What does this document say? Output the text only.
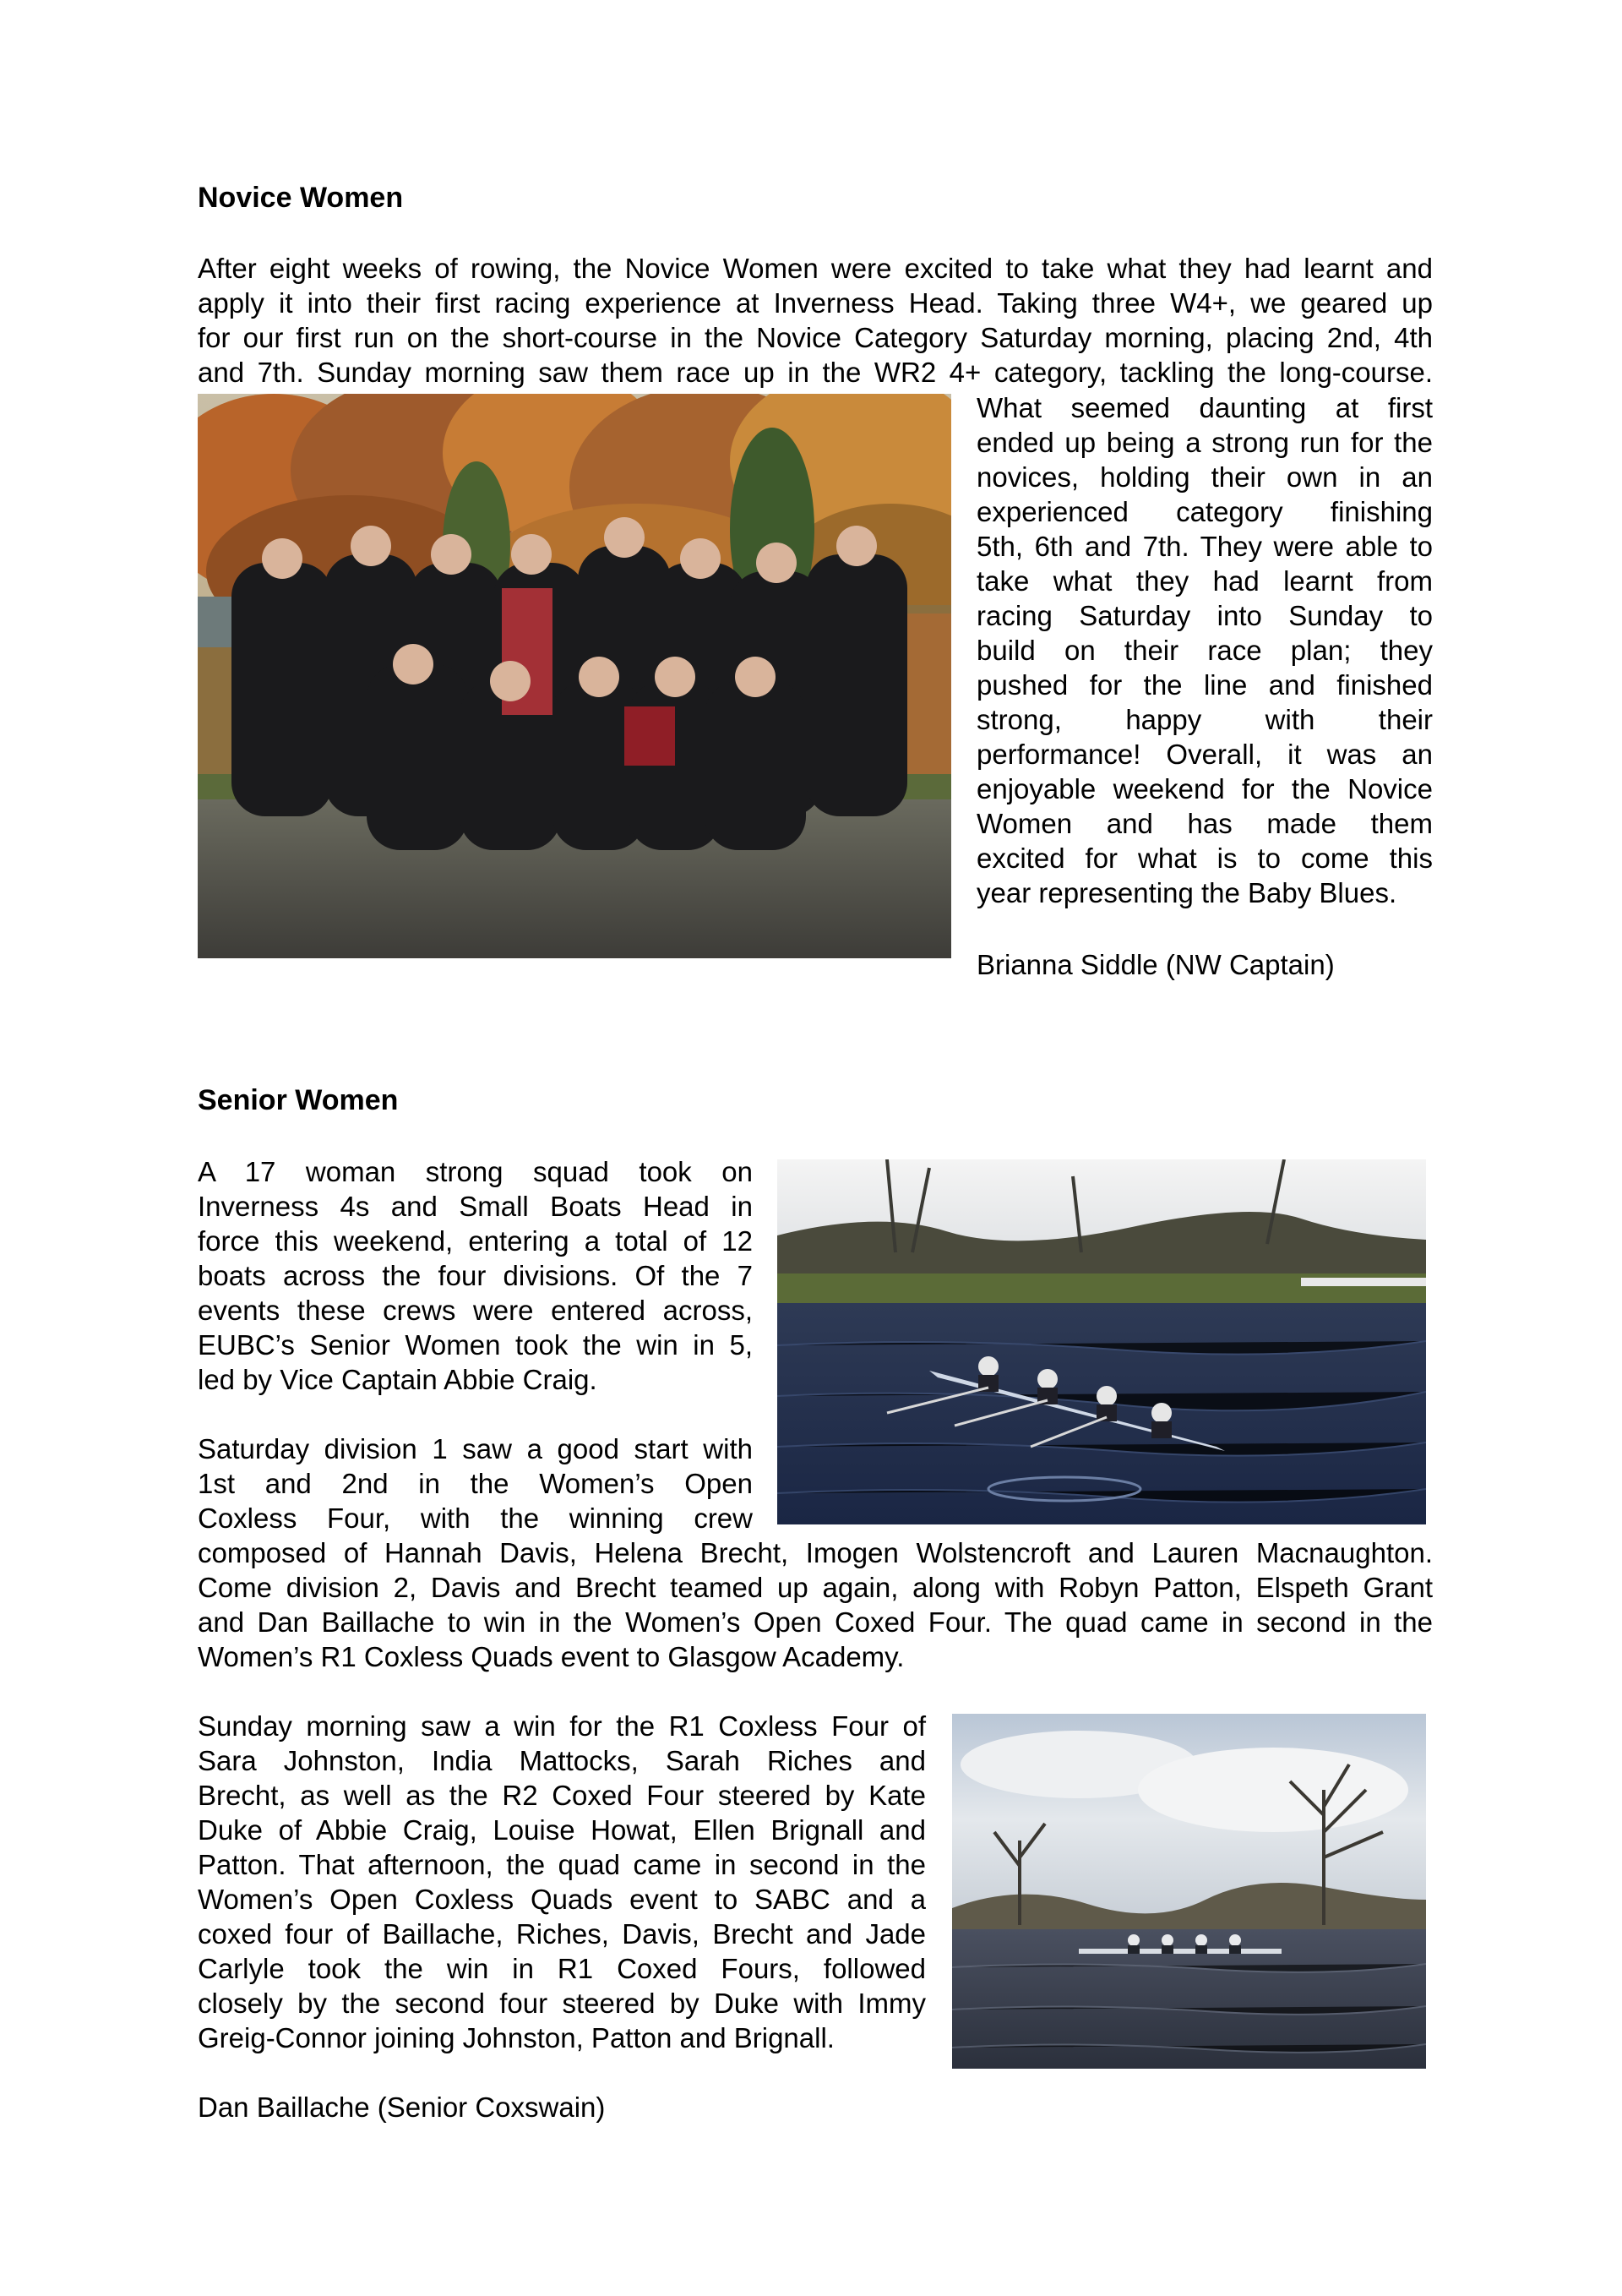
Novice Women
After eight weeks of rowing, the Novice Women were excited to take what they had learnt and
apply it into their first racing experience at Inverness Head. Taking three W4+, we geared up
for our first run on the short-course in the Novice Category Saturday morning, placing 2nd, 4th
and 7th. Sunday morning saw them race up in the WR2 4+ category, tackling the long-course.
What seemed daunting at first
ended up being a strong run for the
novices, holding their own in an
experienced category finishing
5th, 6th and 7th. They were able to
take what they had learnt from
racing Saturday into Sunday to
build on their race plan; they
pushed for the line and finished
strong, happy with their
performance! Overall, it was an
enjoyable weekend for the Novice
Women and has made them
excited for what is to come this
year representing the Baby Blues.
Brianna Siddle (NW Captain)
Senior Women
A 17 woman strong squad took on
Inverness 4s and Small Boats Head in
force this weekend, entering a total of 12
boats across the four divisions. Of the 7
events these crews were entered across,
EUBC’s Senior Women took the win in 5,
led by Vice Captain Abbie Craig.
Saturday division 1 saw a good start with
1st and 2nd in the Women’s Open
Coxless Four, with the winning crew
composed of Hannah Davis, Helena Brecht, Imogen Wolstencroft and Lauren Macnaughton.
Come division 2, Davis and Brecht teamed up again, along with Robyn Patton, Elspeth Grant
and Dan Baillache to win in the Women’s Open Coxed Four. The quad came in second in the
Women’s R1 Coxless Quads event to Glasgow Academy.
Sunday morning saw a win for the R1 Coxless Four of
Sara Johnston, India Mattocks, Sarah Riches and
Brecht, as well as the R2 Coxed Four steered by Kate
Duke of Abbie Craig, Louise Howat, Ellen Brignall and
Patton. That afternoon, the quad came in second in the
Women’s Open Coxless Quads event to SABC and a
coxed four of Baillache, Riches, Davis, Brecht and Jade
Carlyle took the win in R1 Coxed Fours, followed
closely by the second four steered by Duke with Immy
Greig-Connor joining Johnston, Patton and Brignall.
Dan Baillache (Senior Coxswain)
